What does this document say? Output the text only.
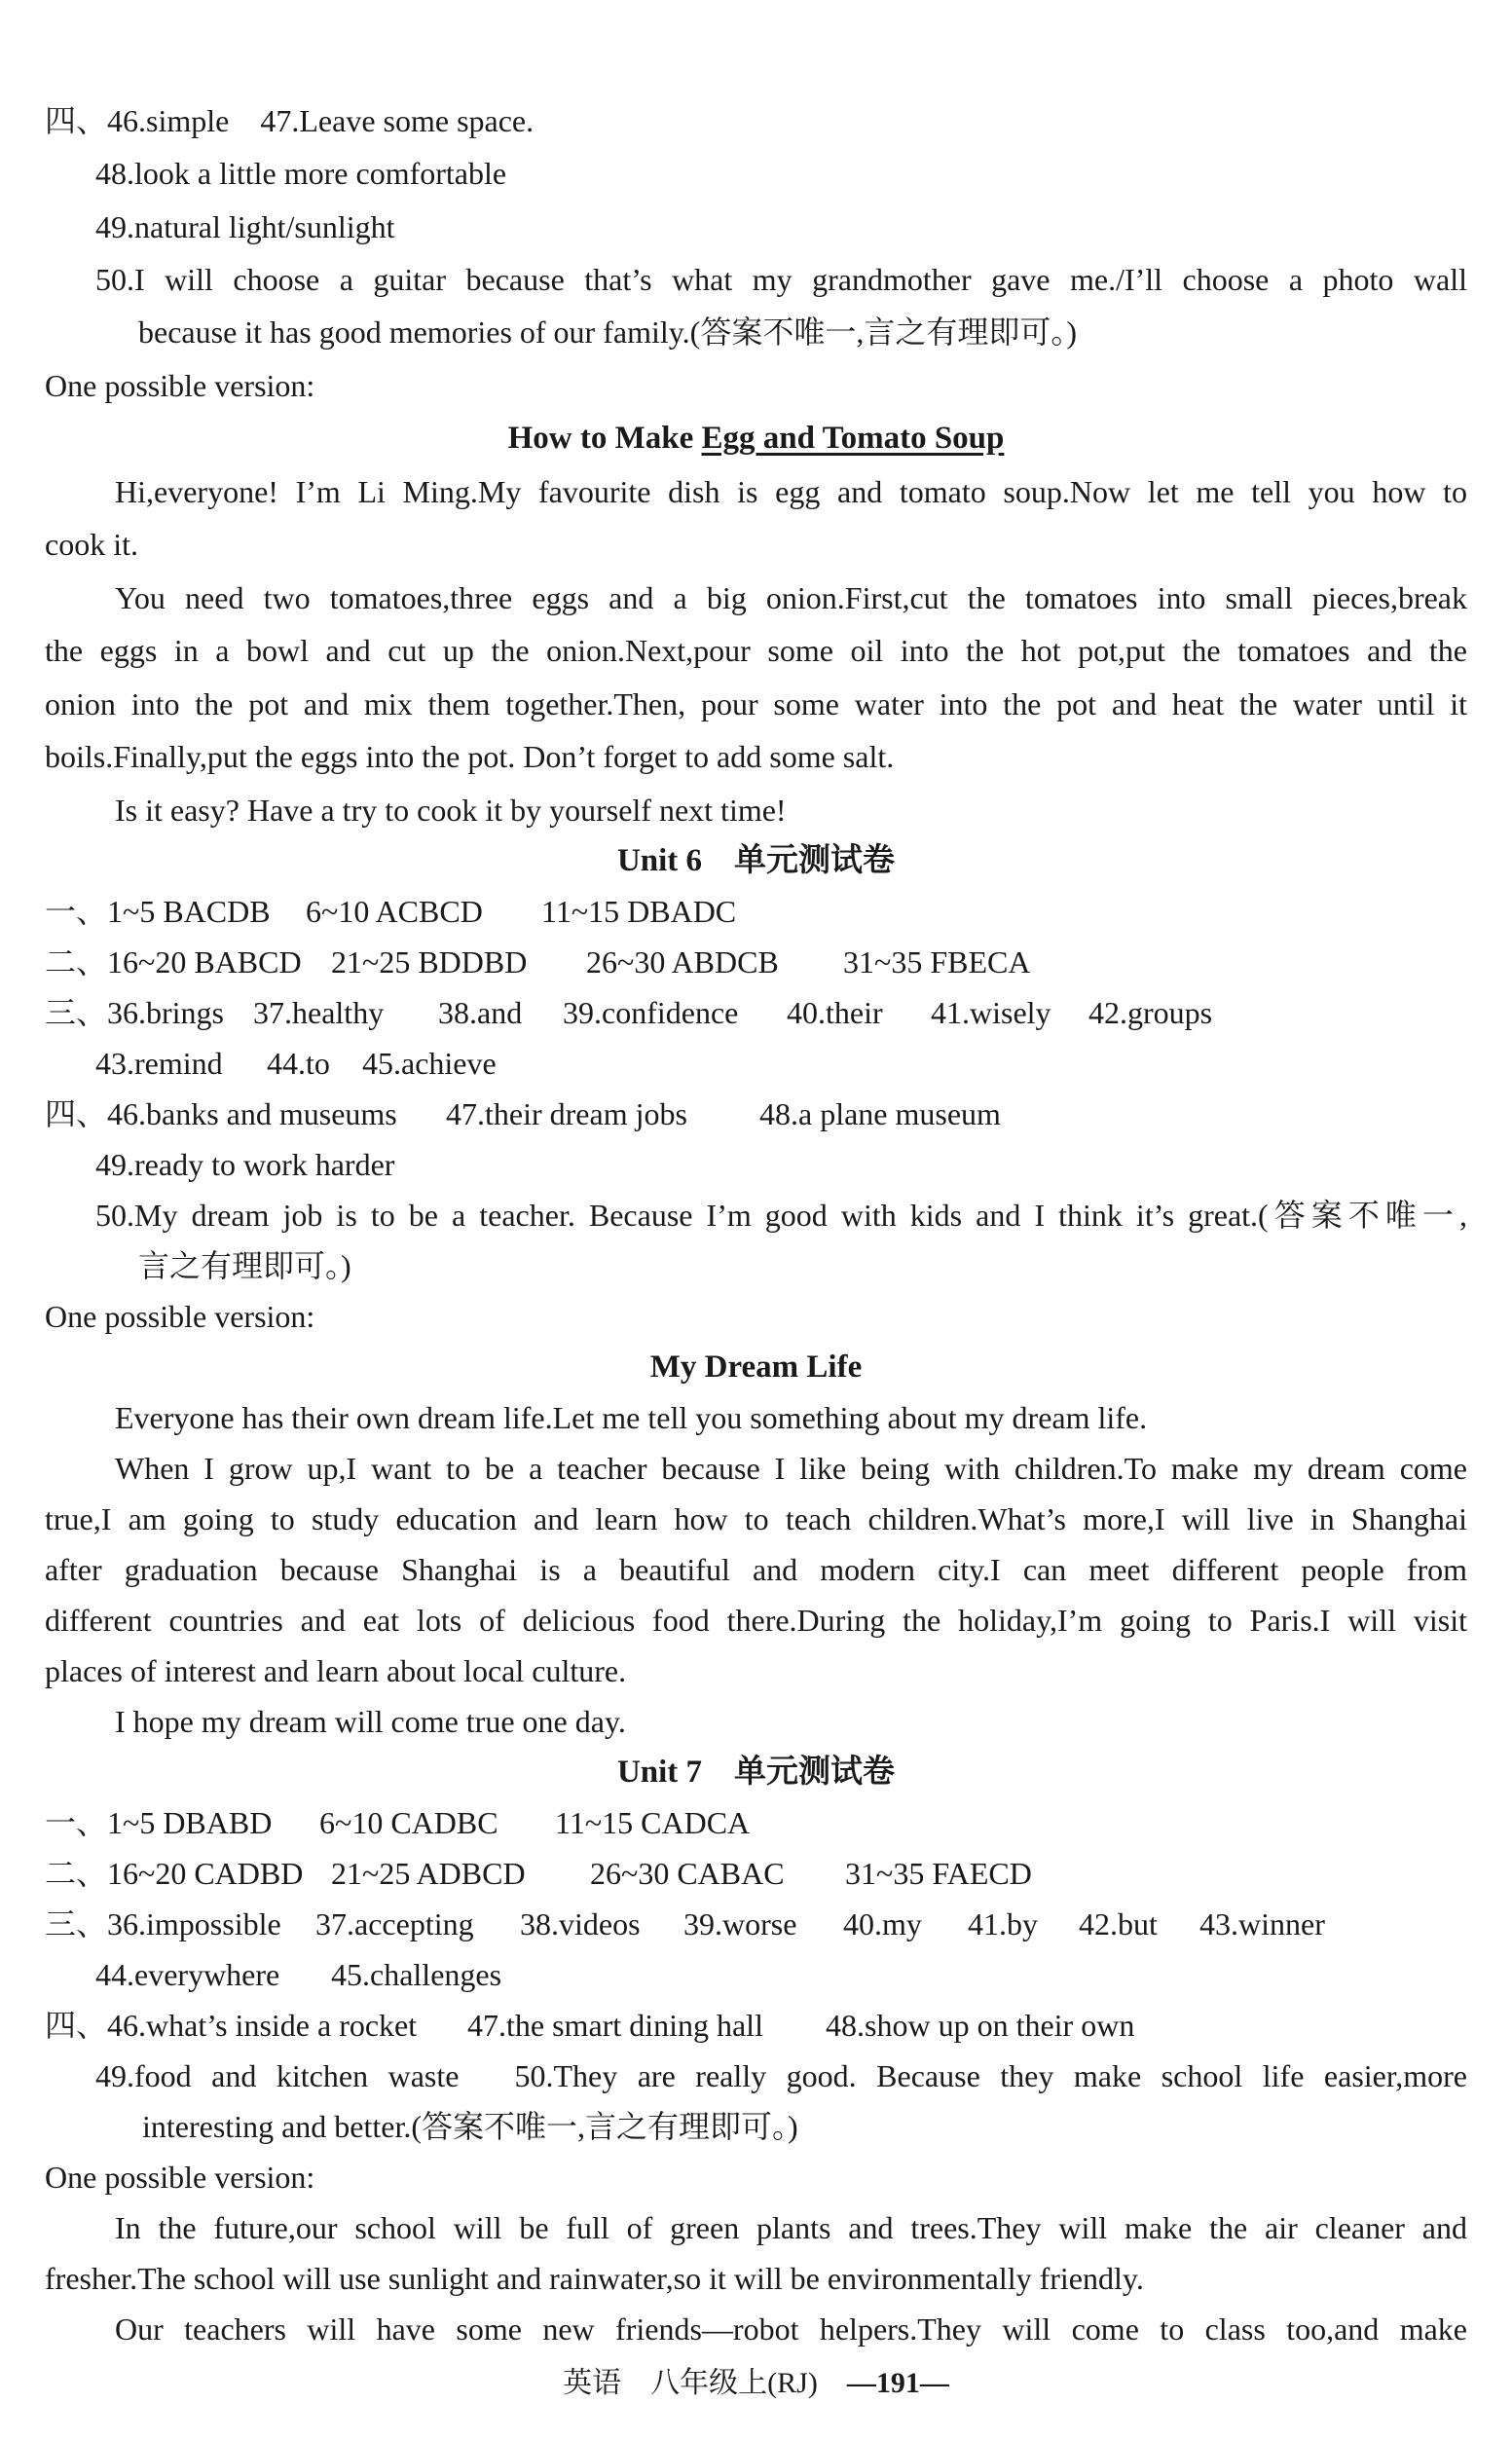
四、46.simple　 47.Leave some space.
48.look a little more comfortable
49.natural light/sunlight
50.I will choose a guitar because that’s what my grandmother gave me./I’ll choose a photo wall
because it has good memories of our family.(答案不唯一,言之有理即可。)
One possible version:
How to Make Egg and Tomato Soup
Hi,everyone! I’m Li Ming.My favourite dish is egg and tomato soup.Now let me tell you how to
cook it.
You need two tomatoes,three eggs and a big onion.First,cut the tomatoes into small pieces,break
the eggs in a bowl and cut up the onion.Next,pour some oil into the hot pot,put the tomatoes and the
onion into the pot and mix them together.Then, pour some water into the pot and heat the water until it
boils.Finally,put the eggs into the pot. Don’t forget to add some salt.
Is it easy? Have a try to cook it by yourself next time!
Unit 6　单元测试卷
一、1~5 BACDB 6~10 ACBCD 11~15 DBADC
二、16~20 BABCD 21~25 BDDBD 26~30 ABDCB 31~35 FBECA
三、36.brings 37.healthy 38.and 39.confidence 40.their 41.wisely 42.groups
43.remind 44.to 45.achieve
四、46.banks and museums 47.their dream jobs 48.a plane museum
49.ready to work harder
50.My dream job is to be a teacher. Because I’m good with kids and I think it’s great.(答案不唯一,
言之有理即可。)
One possible version:
My Dream Life
Everyone has their own dream life.Let me tell you something about my dream life.
When I grow up,I want to be a teacher because I like being with children.To make my dream come
true,I am going to study education and learn how to teach children.What’s more,I will live in Shanghai
after graduation because Shanghai is a beautiful and modern city.I can meet different people from
different countries and eat lots of delicious food there.During the holiday,I’m going to Paris.I will visit
places of interest and learn about local culture.
I hope my dream will come true one day.
Unit 7　单元测试卷
一、1~5 DBABD 6~10 CADBC 11~15 CADCA
二、16~20 CADBD 21~25 ADBCD 26~30 CABAC 31~35 FAECD
三、36.impossible 37.accepting 38.videos 39.worse 40.my 41.by 42.but 43.winner
44.everywhere 45.challenges
四、46.what’s inside a rocket 47.the smart dining hall 48.show up on their own
49.food and kitchen waste　50.They are really good. Because they make school life easier,more
interesting and better.(答案不唯一,言之有理即可。)
One possible version:
In the future,our school will be full of green plants and trees.They will make the air cleaner and
fresher.The school will use sunlight and rainwater,so it will be environmentally friendly.
Our teachers will have some new friends—robot helpers.They will come to class too,and make
英语　八年级上(RJ)　 —191—
